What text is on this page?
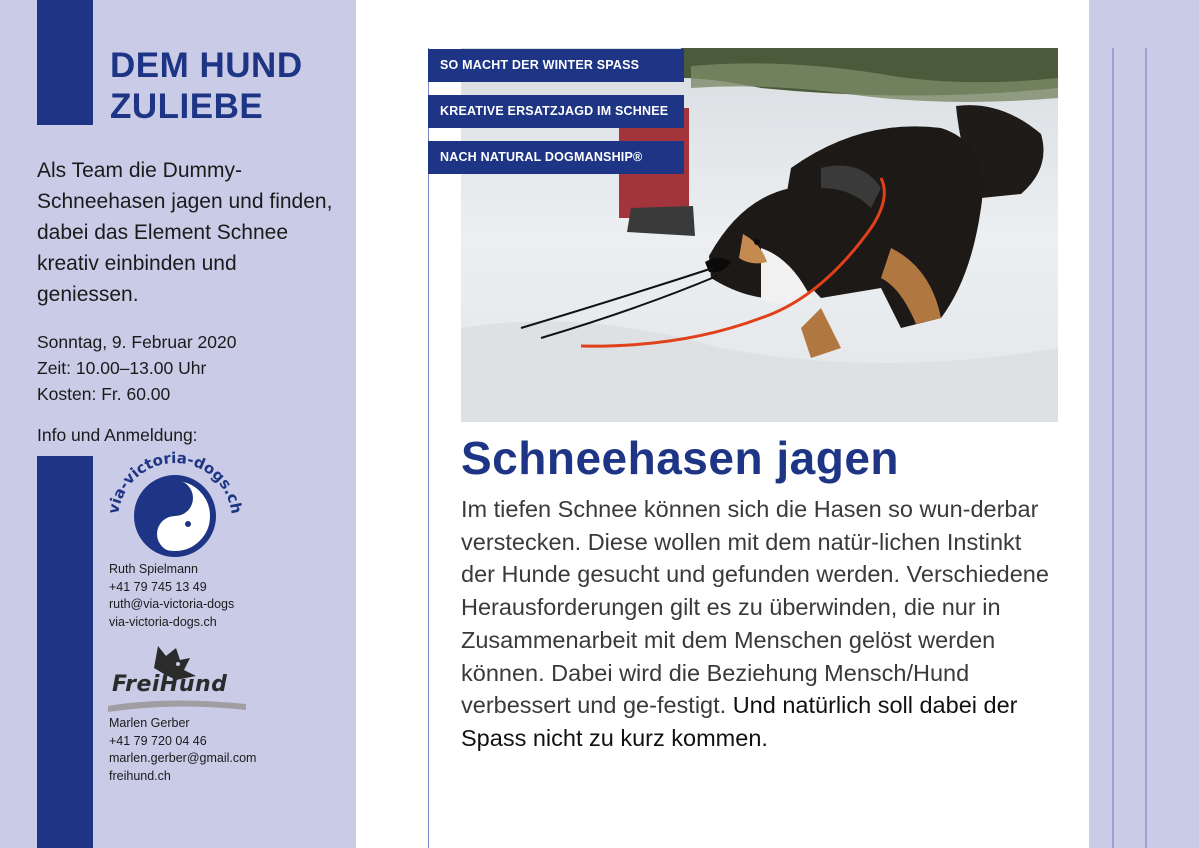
DEM HUND
ZULIEBE

Als Team die Dummy-Schneehasen jagen und finden, dabei das Element Schnee kreativ einbinden und geniessen.

Sonntag, 9. Februar 2020
Zeit: 10.00–13.00 Uhr
Kosten: Fr. 60.00
Info und Anmeldung:
via-victoria-dogs.ch
Ruth Spielmann
+41 79 745 13 49
ruth@via-victoria-dogs
via-victoria-dogs.ch
FreiHund
Marlen Gerber
+41 79 720 04 46
marlen.gerber@gmail.com
freihund.ch
SO MACHT DER WINTER SPASS
KREATIVE ERSATZJAGD IM SCHNEE
NACH NATURAL DOGMANSHIP®
Schneehasen jagen

Im tiefen Schnee können sich die Hasen so wun-derbar verstecken. Diese wollen mit dem natür-lichen Instinkt der Hunde gesucht und gefunden werden. Verschiedene Herausforderungen gilt es zu überwinden, die nur in Zusammenarbeit mit dem Menschen gelöst werden können. Dabei wird die Beziehung Mensch/Hund verbessert und ge-festigt. Und natürlich soll dabei der Spass nicht zu kurz kommen.
